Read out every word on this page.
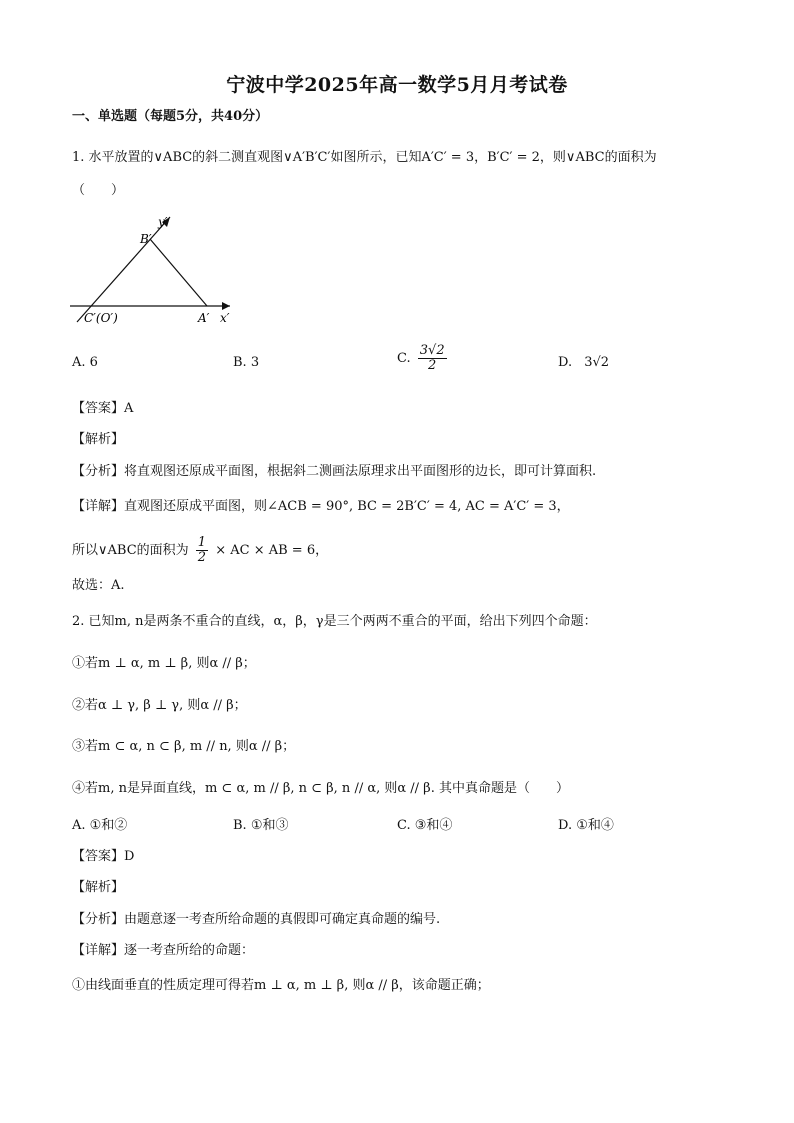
宁波中学2025年高一数学5月月考试卷
一、单选题（每题5分，共40分）
1. 水平放置的∨ABC的斜二测直观图∨A′B′C′如图所示，已知A′C′ = 3，B′C′ = 2，则∨ABC的面积为
（　　）
y′
B′
C′(O′)	A′ x′
A. 6	B. 3	C. $\frac{3√2}{2}$	D. 3√2
【答案】A
【解析】
【分析】将直观图还原成平面图，根据斜二测画法原理求出平面图形的边长，即可计算面积.
【详解】直观图还原成平面图，则∠ACB = 90°, BC = 2B′C′ = 4, AC = A′C′ = 3，
所以∨ABC的面积为 $\frac{1}{2}$ × AC × AB = 6，
故选：A.
2. 已知m, n是两条不重合的直线，α，β，γ是三个两两不重合的平面，给出下列四个命题：
①若m ⊥ α, m ⊥ β, 则α // β；
②若α ⊥ γ, β ⊥ γ, 则α // β；
③若m ⊂ α, n ⊂ β, m // n, 则α // β；
④若m, n是异面直线，m ⊂ α, m // β, n ⊂ β, n // α, 则α // β. 其中真命题是（　　）
A. ①和②	B. ①和③	C. ③和④	D. ①和④
【答案】D
【解析】
【分析】由题意逐一考查所给命题的真假即可确定真命题的编号.
【详解】逐一考查所给的命题：
①由线面垂直的性质定理可得若m ⊥ α, m ⊥ β, 则α // β，该命题正确；
